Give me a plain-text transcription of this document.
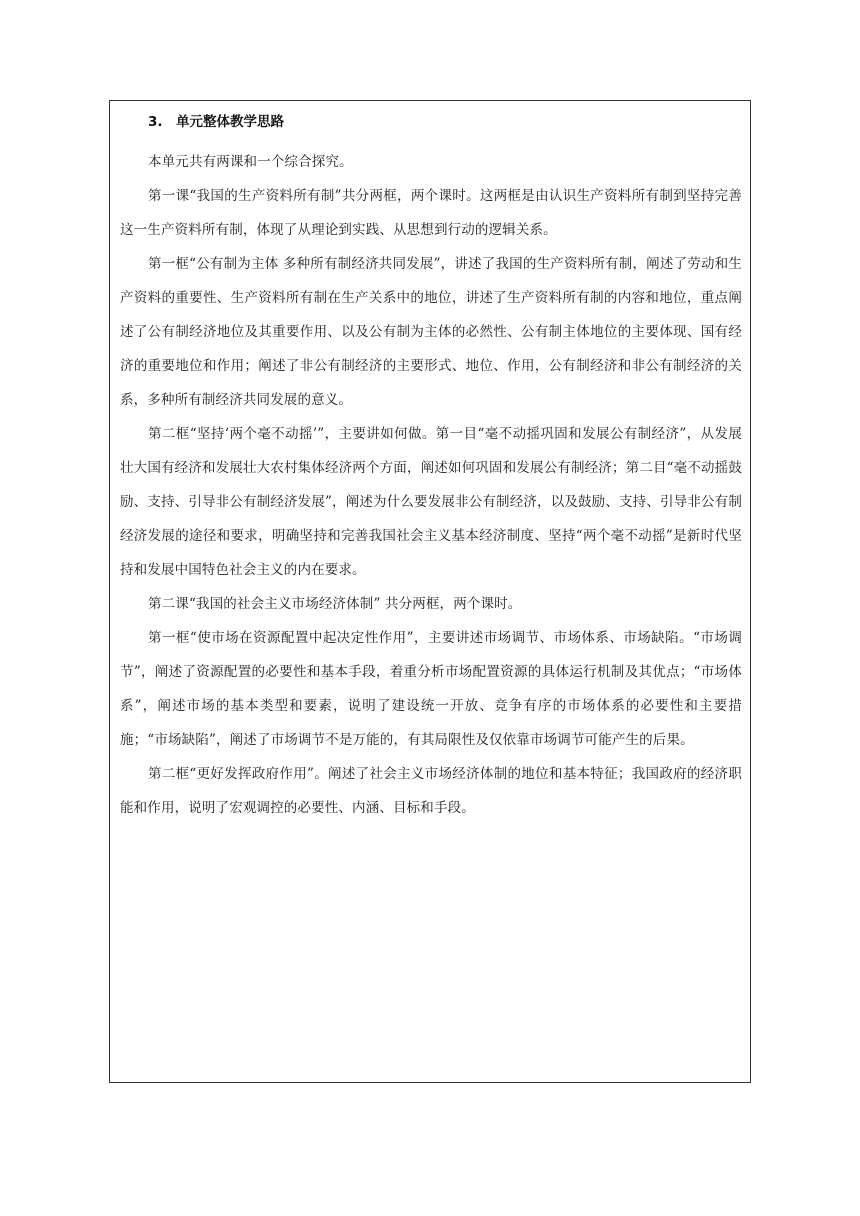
3. 单元整体教学思路

本单元共有两课和一个综合探究。

第一课“我国的生产资料所有制”共分两框，两个课时。这两框是由认识生产资料所有制到坚持完善这一生产资料所有制，体现了从理论到实践、从思想到行动的逻辑关系。

第一框“公有制为主体 多种所有制经济共同发展”，讲述了我国的生产资料所有制，阐述了劳动和生产资料的重要性、生产资料所有制在生产关系中的地位，讲述了生产资料所有制的内容和地位，重点阐述了公有制经济地位及其重要作用、以及公有制为主体的必然性、公有制主体地位的主要体现、国有经济的重要地位和作用；阐述了非公有制经济的主要形式、地位、作用，公有制经济和非公有制经济的关系，多种所有制经济共同发展的意义。

第二框“坚持‘两个毫不动摇’”，主要讲如何做。第一目“毫不动摇巩固和发展公有制经济”，从发展壮大国有经济和发展壮大农村集体经济两个方面，阐述如何巩固和发展公有制经济；第二目“毫不动摇鼓励、支持、引导非公有制经济发展”，阐述为什么要发展非公有制经济，以及鼓励、支持、引导非公有制经济发展的途径和要求，明确坚持和完善我国社会主义基本经济制度、坚持“两个毫不动摇”是新时代坚持和发展中国特色社会主义的内在要求。

第二课“我国的社会主义市场经济体制” 共分两框，两个课时。

第一框“使市场在资源配置中起决定性作用”，主要讲述市场调节、市场体系、市场缺陷。“市场调节”，阐述了资源配置的必要性和基本手段，着重分析市场配置资源的具体运行机制及其优点；“市场体系”，阐述市场的基本类型和要素，说明了建设统一开放、竞争有序的市场体系的必要性和主要措施；“市场缺陷”，阐述了市场调节不是万能的，有其局限性及仅依靠市场调节可能产生的后果。

第二框“更好发挥政府作用”。阐述了社会主义市场经济体制的地位和基本特征；我国政府的经济职能和作用，说明了宏观调控的必要性、内涵、目标和手段。
